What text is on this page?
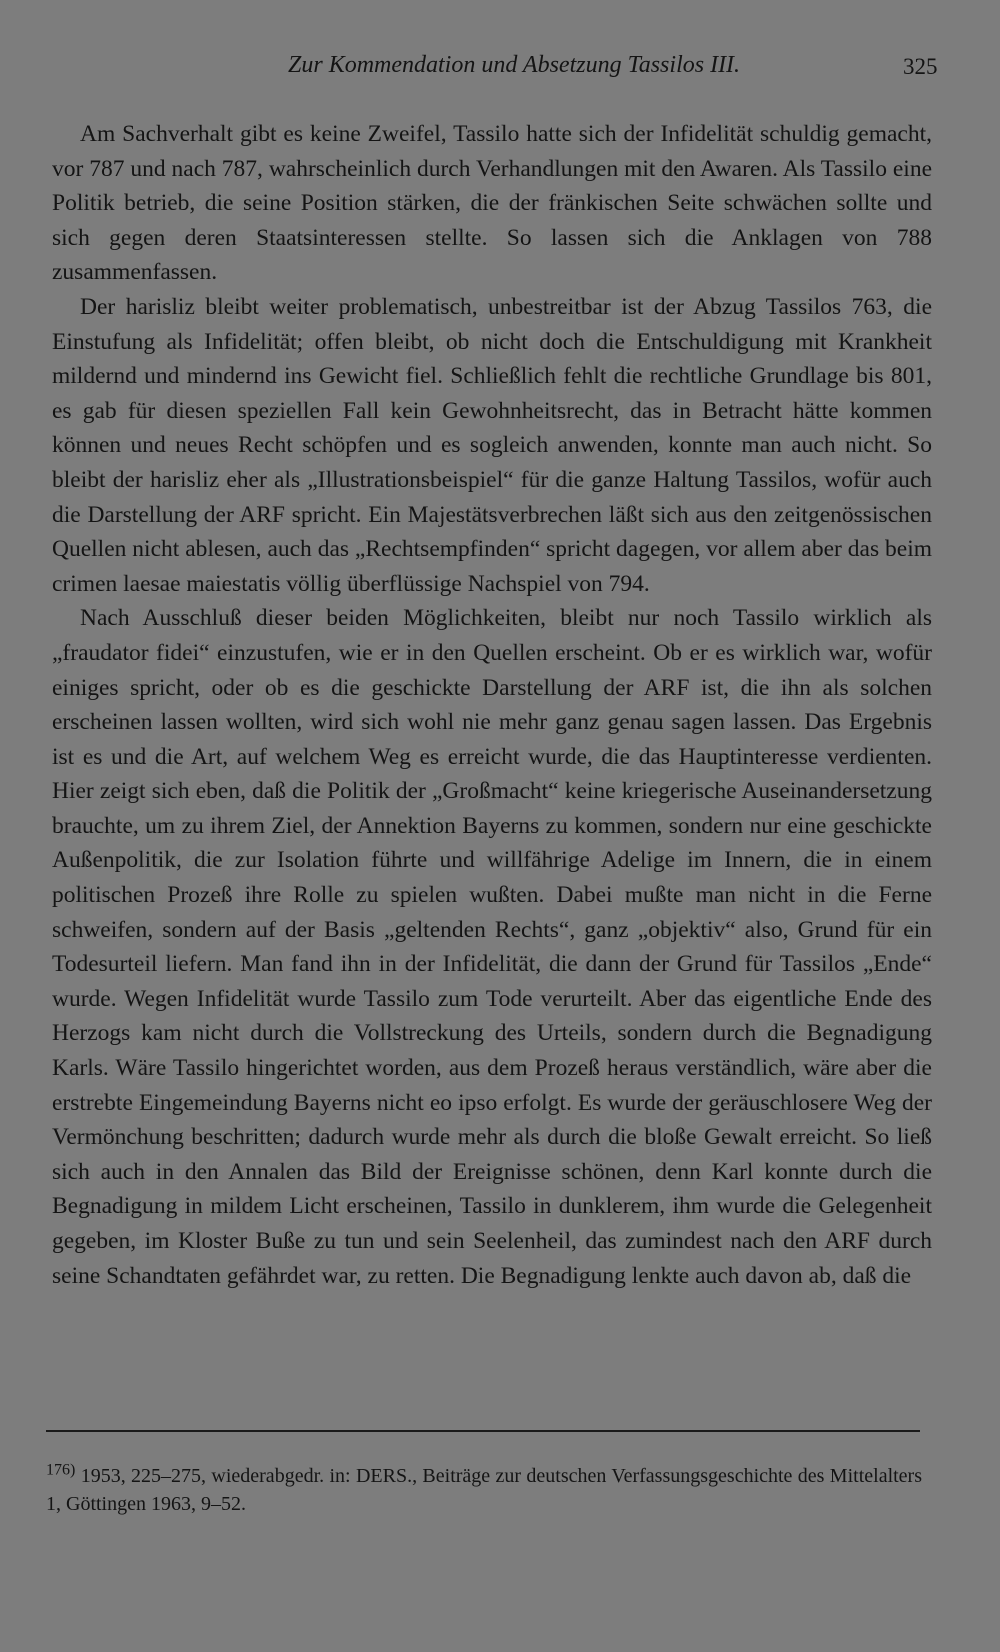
Zur Kommendation und Absetzung Tassilos III.	325

Am Sachverhalt gibt es keine Zweifel, Tassilo hatte sich der Infidelität schuldig gemacht, vor 787 und nach 787, wahrscheinlich durch Verhandlungen mit den Awaren. Als Tassilo eine Politik betrieb, die seine Position stärken, die der fränkischen Seite schwächen sollte und sich gegen deren Staatsinteressen stellte. So lassen sich die Anklagen von 788 zusammenfassen.

Der harisliz bleibt weiter problematisch, unbestreitbar ist der Abzug Tassilos 763, die Einstufung als Infidelität; offen bleibt, ob nicht doch die Entschuldigung mit Krankheit mildernd und mindernd ins Gewicht fiel. Schließlich fehlt die rechtliche Grundlage bis 801, es gab für diesen speziellen Fall kein Gewohnheitsrecht, das in Betracht hätte kommen können und neues Recht schöpfen und es sogleich anwenden, konnte man auch nicht. So bleibt der harisliz eher als „Illustrationsbeispiel“ für die ganze Haltung Tassilos, wofür auch die Darstellung der ARF spricht. Ein Majestätsverbrechen läßt sich aus den zeitgenössischen Quellen nicht ablesen, auch das „Rechtsempfinden“ spricht dagegen, vor allem aber das beim crimen laesae maiestatis völlig überflüssige Nachspiel von 794.

Nach Ausschluß dieser beiden Möglichkeiten, bleibt nur noch Tassilo wirklich als „fraudator fidei“ einzustufen, wie er in den Quellen erscheint. Ob er es wirklich war, wofür einiges spricht, oder ob es die geschickte Darstellung der ARF ist, die ihn als solchen erscheinen lassen wollten, wird sich wohl nie mehr ganz genau sagen lassen. Das Ergebnis ist es und die Art, auf welchem Weg es erreicht wurde, die das Hauptinteresse verdienten. Hier zeigt sich eben, daß die Politik der „Großmacht“ keine kriegerische Auseinandersetzung brauchte, um zu ihrem Ziel, der Annektion Bayerns zu kommen, sondern nur eine geschickte Außenpolitik, die zur Isolation führte und willfährige Adelige im Innern, die in einem politischen Prozeß ihre Rolle zu spielen wußten. Dabei mußte man nicht in die Ferne schweifen, sondern auf der Basis „geltenden Rechts“, ganz „objektiv“ also, Grund für ein Todesurteil liefern. Man fand ihn in der Infidelität, die dann der Grund für Tassilos „Ende“ wurde. Wegen Infidelität wurde Tassilo zum Tode verurteilt. Aber das eigentliche Ende des Herzogs kam nicht durch die Vollstreckung des Urteils, sondern durch die Begnadigung Karls. Wäre Tassilo hingerichtet worden, aus dem Prozeß heraus verständlich, wäre aber die erstrebte Eingemeindung Bayerns nicht eo ipso erfolgt. Es wurde der geräuschlosere Weg der Vermönchung beschritten; dadurch wurde mehr als durch die bloße Gewalt erreicht. So ließ sich auch in den Annalen das Bild der Ereignisse schönen, denn Karl konnte durch die Begnadigung in mildem Licht erscheinen, Tassilo in dunklerem, ihm wurde die Gelegenheit gegeben, im Kloster Buße zu tun und sein Seelenheil, das zumindest nach den ARF durch seine Schandtaten gefährdet war, zu retten. Die Begnadigung lenkte auch davon ab, daß die

$^{176)}$ 1953, 225–275, wiederabgedr. in: DERS., Beiträge zur deutschen Verfassungsgeschichte des Mittelalters 1, Göttingen 1963, 9–52.
